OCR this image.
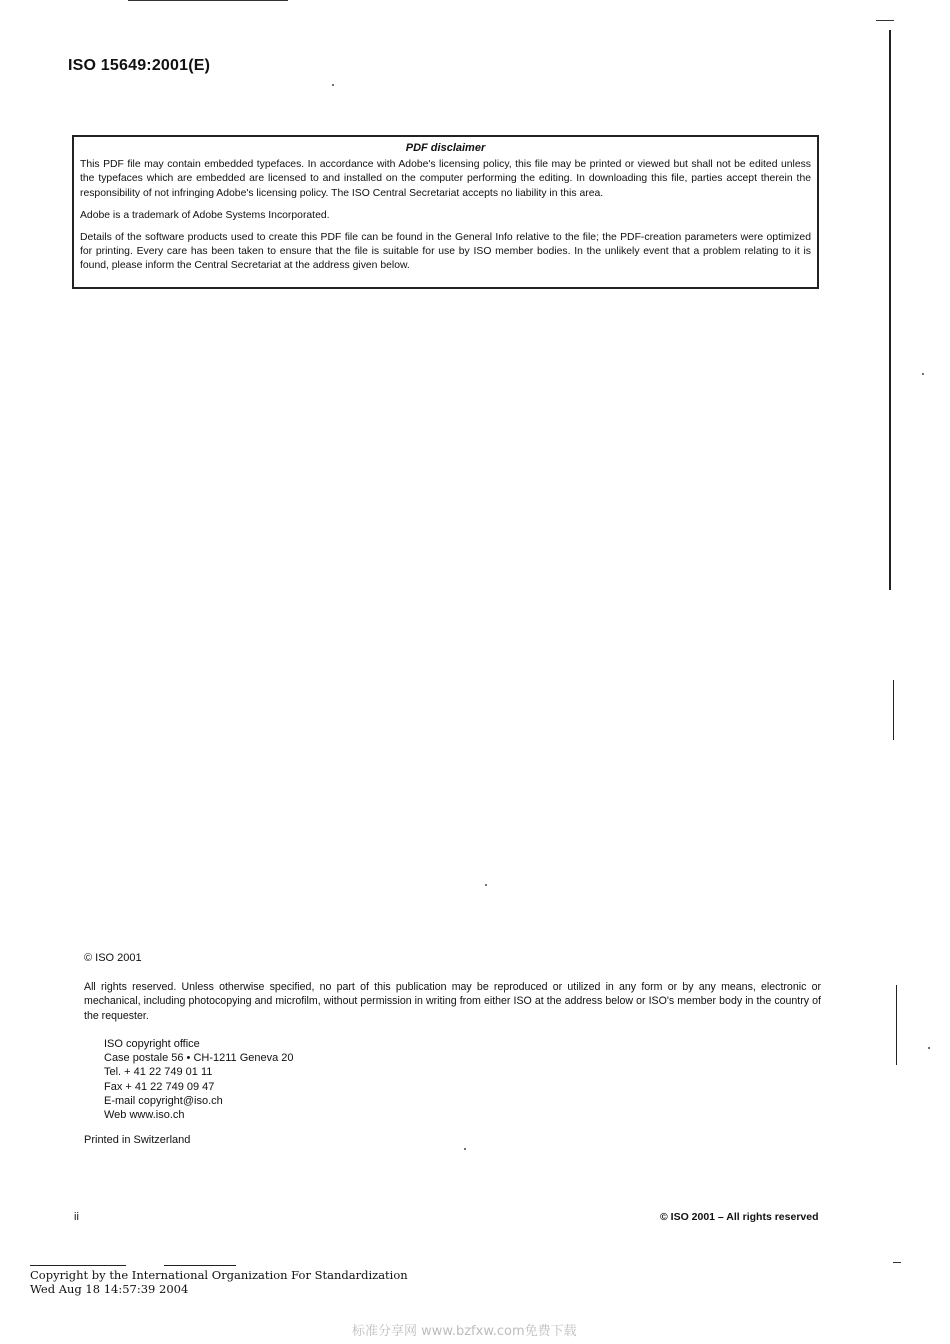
ISO 15649:2001(E)
PDF disclaimer

This PDF file may contain embedded typefaces. In accordance with Adobe's licensing policy, this file may be printed or viewed but shall not be edited unless the typefaces which are embedded are licensed to and installed on the computer performing the editing. In downloading this file, parties accept therein the responsibility of not infringing Adobe's licensing policy. The ISO Central Secretariat accepts no liability in this area.

Adobe is a trademark of Adobe Systems Incorporated.

Details of the software products used to create this PDF file can be found in the General Info relative to the file; the PDF-creation parameters were optimized for printing. Every care has been taken to ensure that the file is suitable for use by ISO member bodies. In the unlikely event that a problem relating to it is found, please inform the Central Secretariat at the address given below.

© ISO 2001
All rights reserved. Unless otherwise specified, no part of this publication may be reproduced or utilized in any form or by any means, electronic or mechanical, including photocopying and microfilm, without permission in writing from either ISO at the address below or ISO's member body in the country of the requester.
ISO copyright office
Case postale 56 • CH-1211 Geneva 20
Tel. + 41 22 749 01 11
Fax + 41 22 749 09 47
E-mail copyright@iso.ch
Web www.iso.ch
Printed in Switzerland
ii	© ISO 2001 – All rights reserved
Copyright by the International Organization For Standardization
Wed Aug 18 14:57:39 2004
标准分享网 www.bzfxw.com免费下载
